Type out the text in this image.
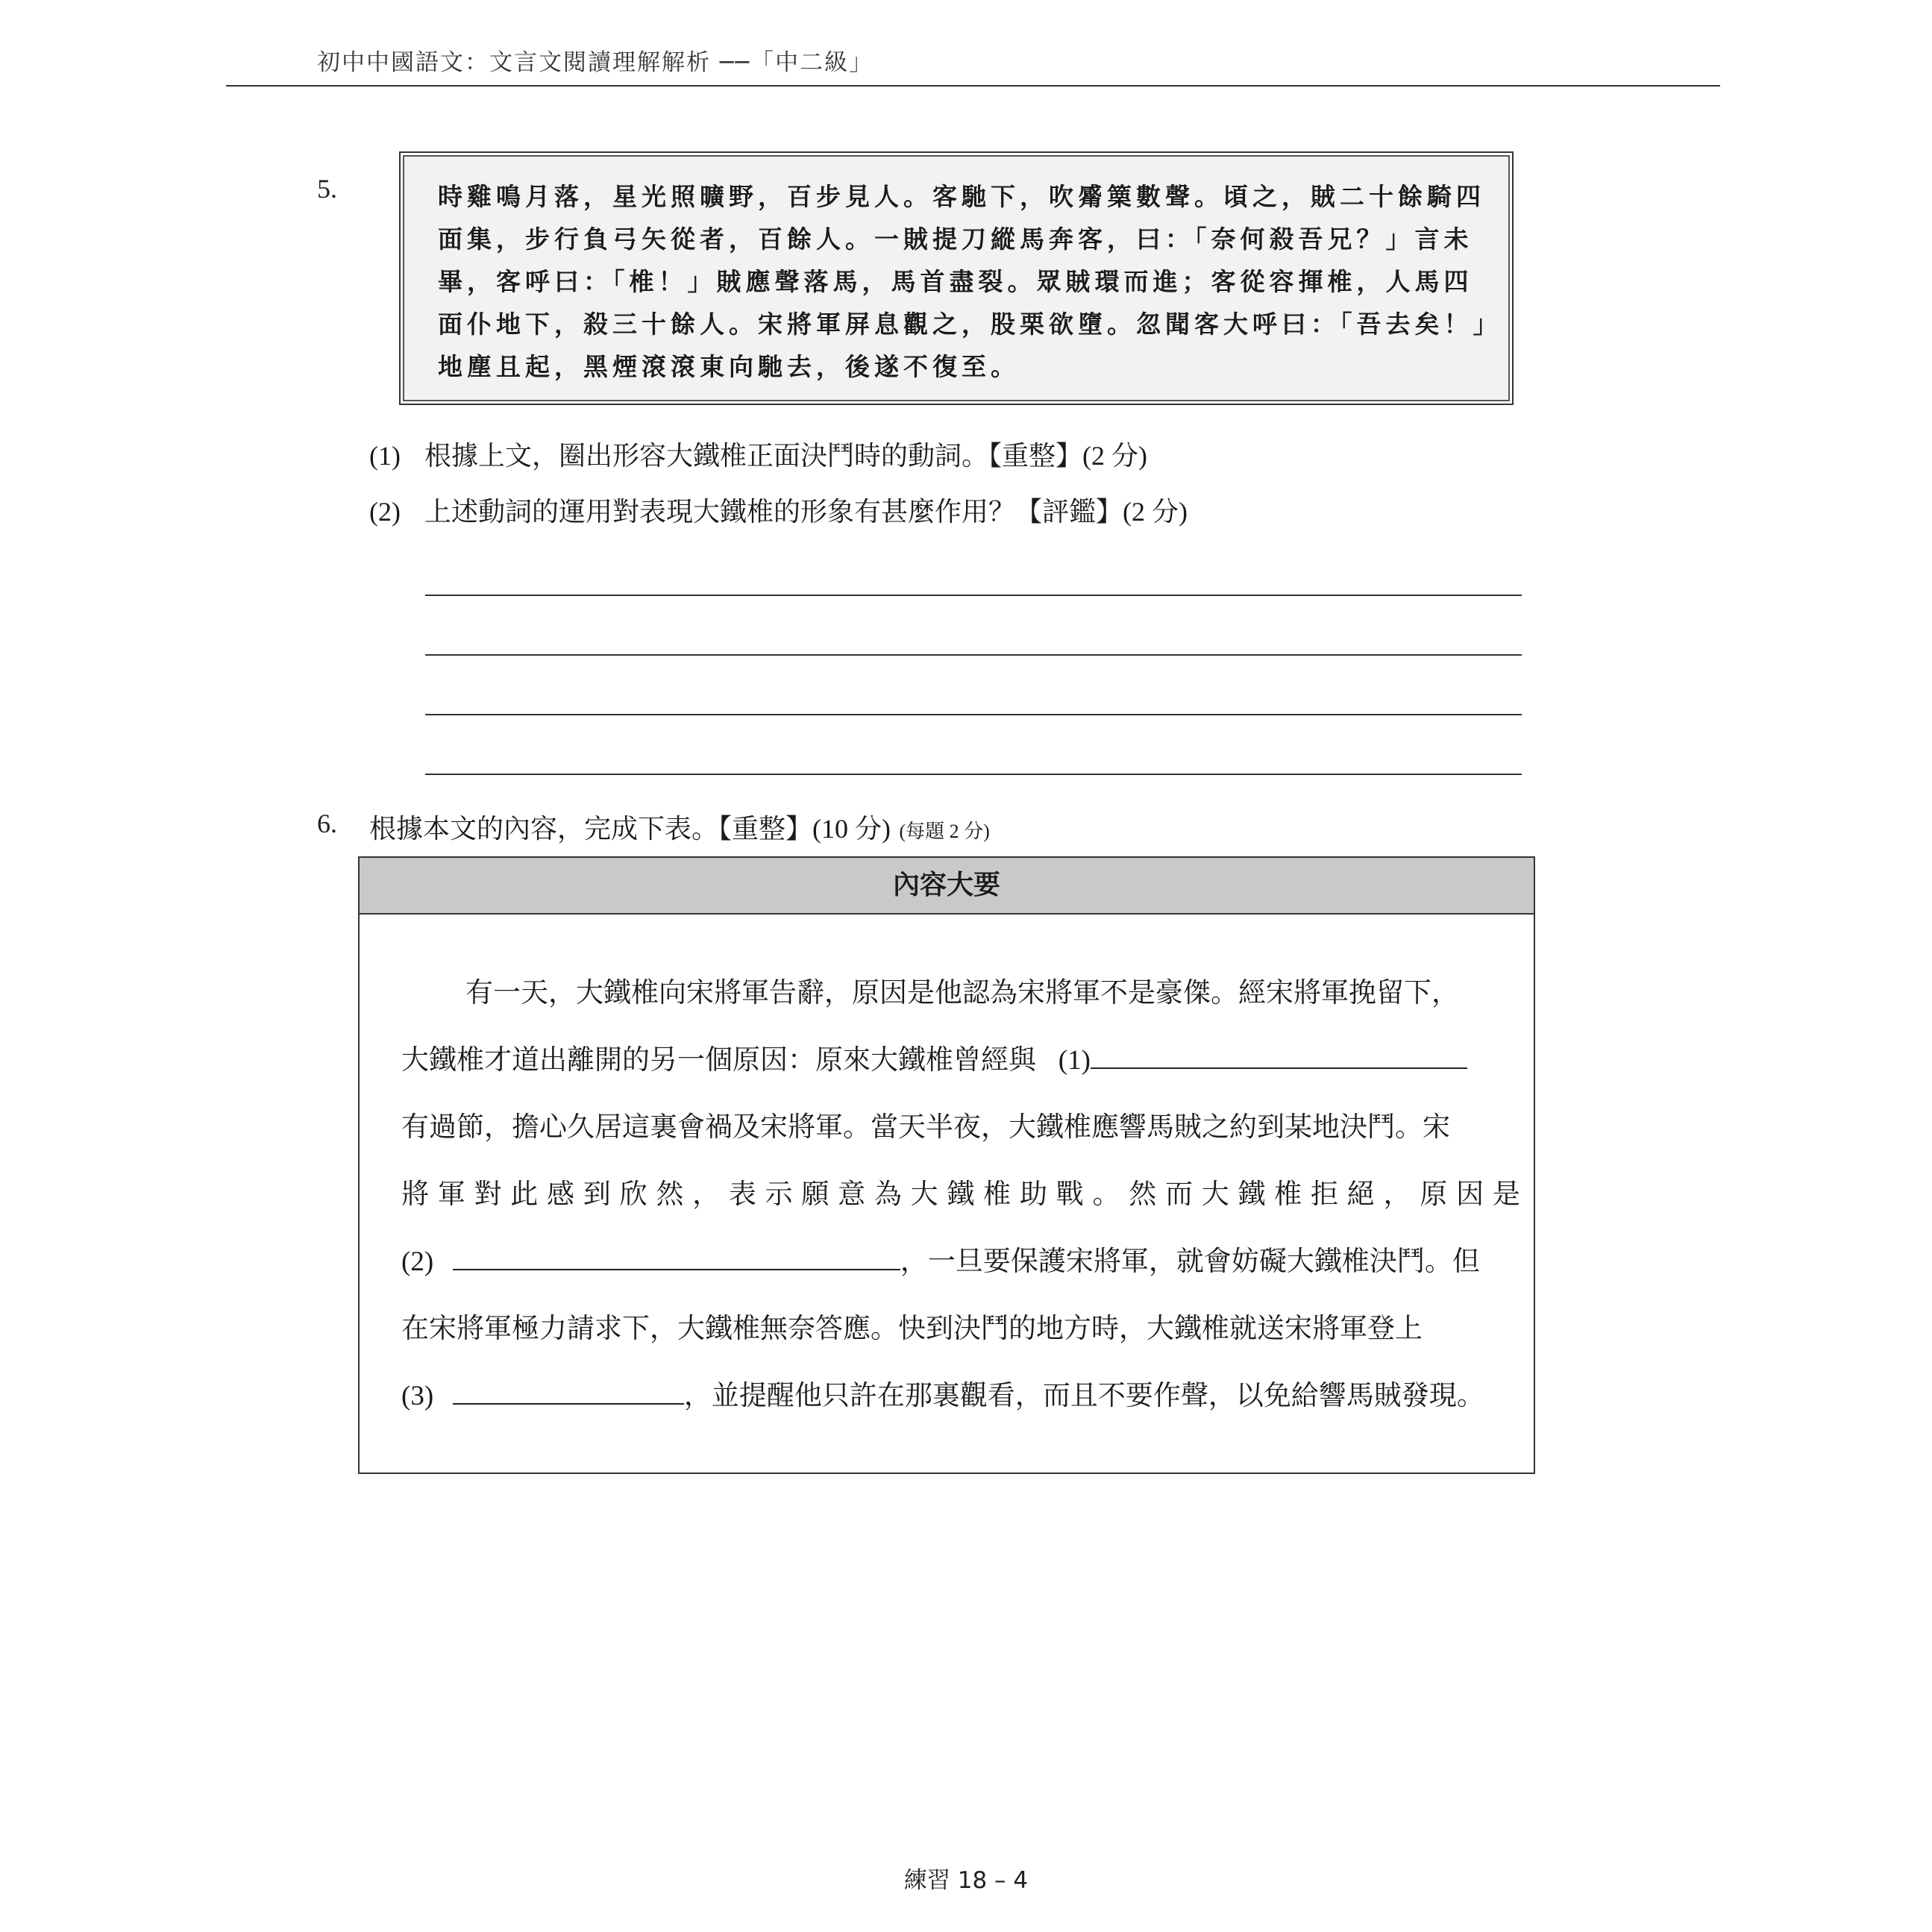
初中中國語文：文言文閱讀理解解析 ──「中二級」
5.	時雞鳴月落，星光照曠野，百步見人。客馳下，吹觱篥數聲。頃之，賊二十餘騎四
面集，步行負弓矢從者，百餘人。一賊提刀縱馬奔客，曰：「奈何殺吾兄？」言未
畢，客呼曰：「椎！」賊應聲落馬，馬首盡裂。眾賊環而進；客從容揮椎，人馬四
面仆地下，殺三十餘人。宋將軍屏息觀之，股栗欲墮。忽聞客大呼曰：「吾去矣！」
地塵且起，黑煙滾滾東向馳去，後遂不復至。
(1) 根據上文，圈出形容大鐵椎正面決鬥時的動詞。【重整】(2 分)
(2) 上述動詞的運用對表現大鐵椎的形象有甚麼作用？【評鑑】(2 分)
6. 根據本文的內容，完成下表。【重整】(10 分) (每題 2 分)
內容大要
有一天，大鐵椎向宋將軍告辭，原因是他認為宋將軍不是豪傑。經宋將軍挽留下，
大鐵椎才道出離開的另一個原因：原來大鐵椎曾經與 (1)
有過節，擔心久居這裏會禍及宋將軍。當天半夜，大鐵椎應響馬賊之約到某地決鬥。宋
將 軍 對 此 感 到 欣 然 ， 表 示 願 意 為 大 鐵 椎 助 戰 。 然 而 大 鐵 椎 拒 絕 ， 原 因 是
(2)	，一旦要保護宋將軍，就會妨礙大鐵椎決鬥。但
在宋將軍極力請求下，大鐵椎無奈答應。快到決鬥的地方時，大鐵椎就送宋將軍登上
(3)	，並提醒他只許在那裏觀看，而且不要作聲，以免給響馬賊發現。
練習 18 – 4
